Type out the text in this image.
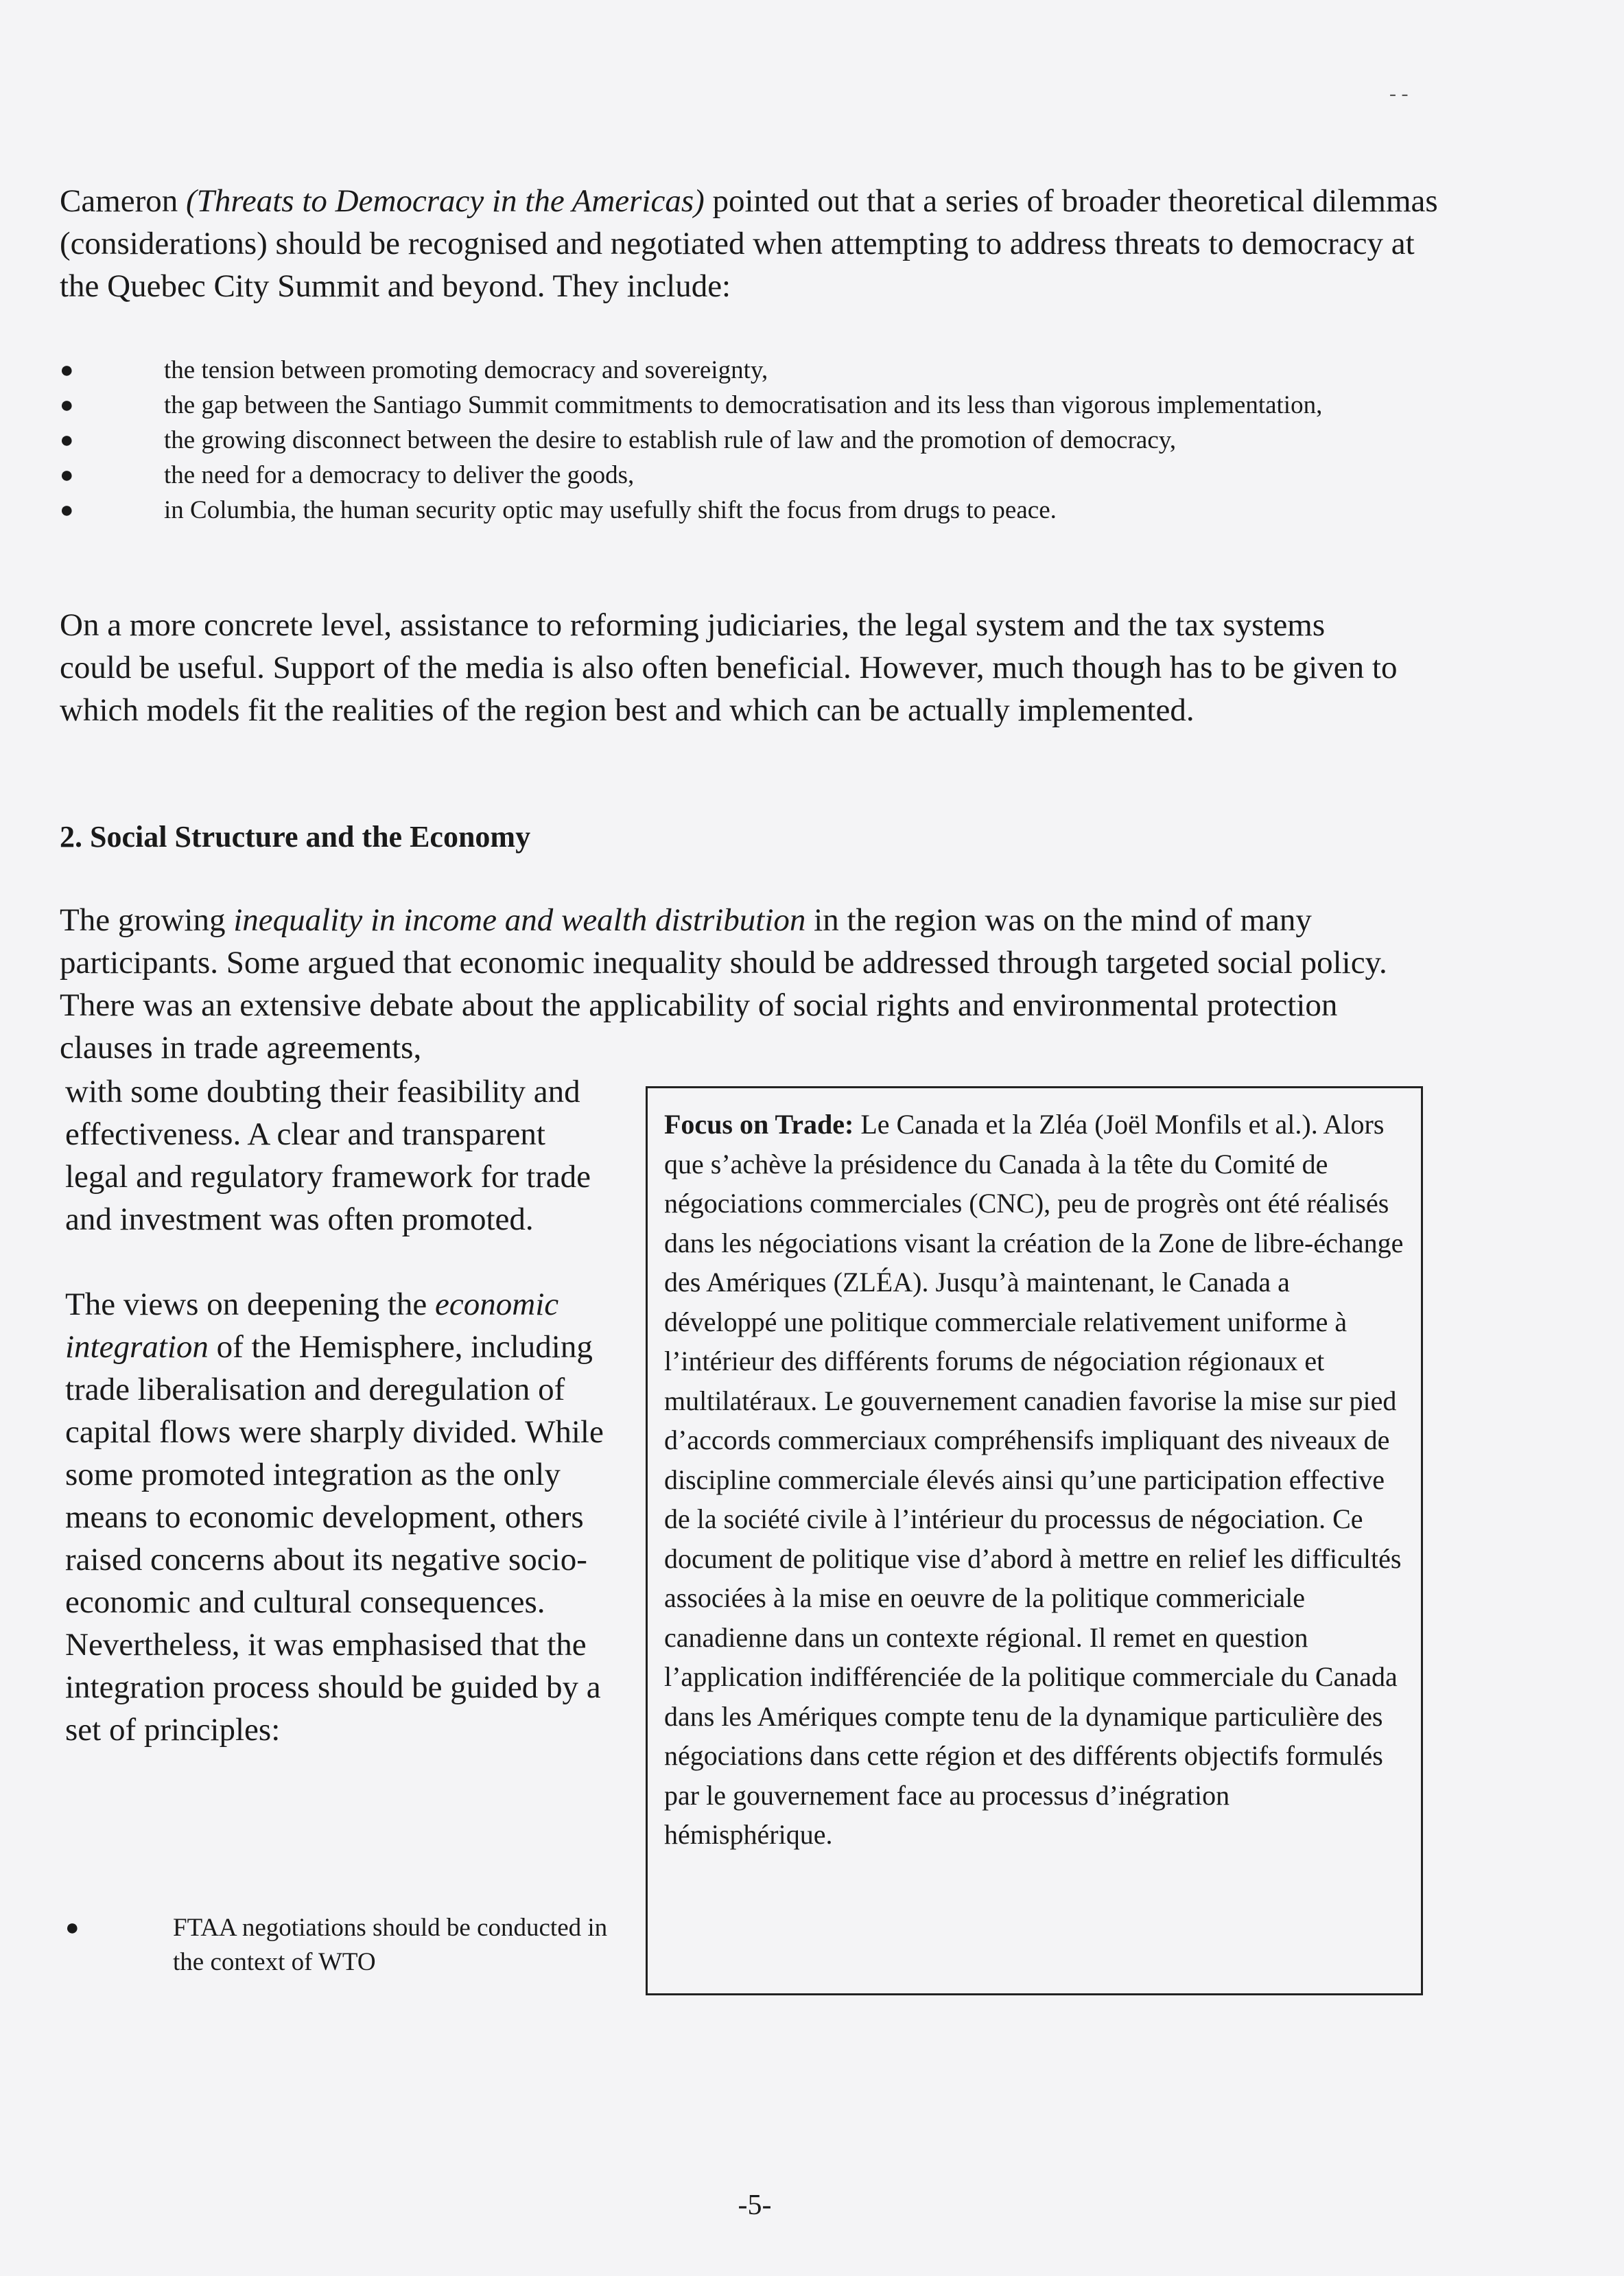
- -
Cameron (Threats to Democracy in the Americas) pointed out that a series of broader theoretical dilemmas (considerations) should be recognised and negotiated when attempting to address threats to democracy at the Quebec City Summit and beyond. They include:
●	the tension between promoting democracy and sovereignty,
●	the gap between the Santiago Summit commitments to democratisation and its less than vigorous implementation,
●	the growing disconnect between the desire to establish rule of law and the promotion of democracy,
●	the need for a democracy to deliver the goods,
●	in Columbia, the human security optic may usefully shift the focus from drugs to peace.
On a more concrete level, assistance to reforming judiciaries, the legal system and the tax systems could be useful. Support of the media is also often beneficial. However, much though has to be given to which models fit the realities of the region best and which can be actually implemented.
2. Social Structure and the Economy
The growing inequality in income and wealth distribution in the region was on the mind of many participants. Some argued that economic inequality should be addressed through targeted social policy. There was an extensive debate about the applicability of social rights and environmental protection clauses in trade agreements,

with some doubting their feasibility and effectiveness. A clear and transparent legal and regulatory framework for trade and investment was often promoted.

The views on deepening the economic integration of the Hemisphere, including trade liberalisation and deregulation of capital flows were sharply divided. While some promoted integration as the only means to economic development, others raised concerns about its negative socio-economic and cultural consequences. Nevertheless, it was emphasised that the integration process should be guided by a set of principles:

●	FTAA negotiations should be conducted in the context of WTO
Focus on Trade: Le Canada et la Zléa (Joël Monfils et al.). Alors que s’achève la présidence du Canada à la tête du Comité de négociations commerciales (CNC), peu de progrès ont été réalisés dans les négociations visant la création de la Zone de libre-échange des Amériques (ZLÉA). Jusqu’à maintenant, le Canada a développé une politique commerciale relativement uniforme à l’intérieur des différents forums de négociation régionaux et multilatéraux. Le gouvernement canadien favorise la mise sur pied d’accords commerciaux compréhensifs impliquant des niveaux de discipline commerciale élevés ainsi qu’une participation effective de la société civile à l’intérieur du processus de négociation. Ce document de politique vise d’abord à mettre en relief les difficultés associées à la mise en oeuvre de la politique commericiale canadienne dans un contexte régional. Il remet en question l’application indifférenciée de la politique commerciale du Canada dans les Amériques compte tenu de la dynamique particulière des négociations dans cette région et des différents objectifs formulés par le gouvernement face au processus d’inégration hémisphérique.
-5-
